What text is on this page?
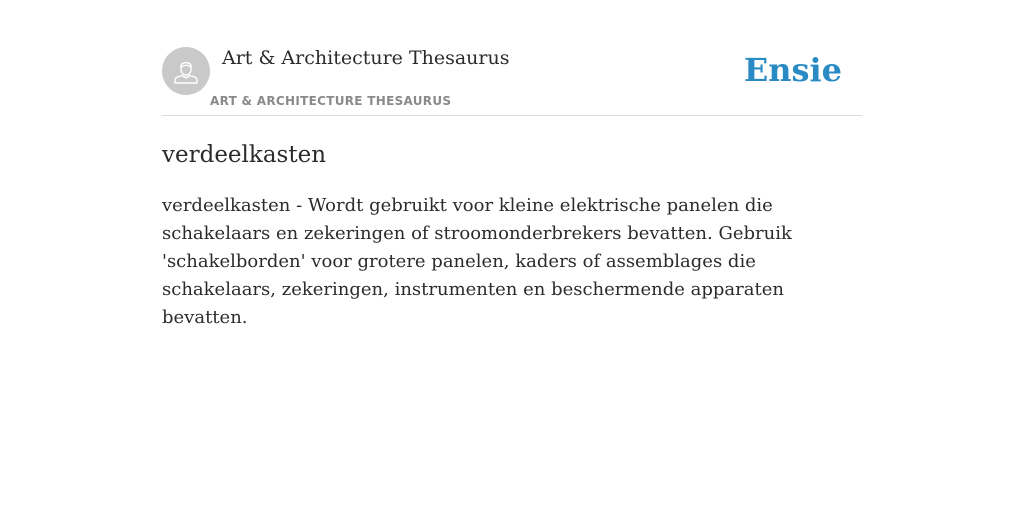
Art & Architecture Thesaurus
ART & ARCHITECTURE THESAURUS
Ensie
verdeelkasten

verdeelkasten - Wordt gebruikt voor kleine elektrische panelen die schakelaars en zekeringen of stroomonderbrekers bevatten. Gebruik 'schakelborden' voor grotere panelen, kaders of assemblages die schakelaars, zekeringen, instrumenten en beschermende apparaten bevatten.
